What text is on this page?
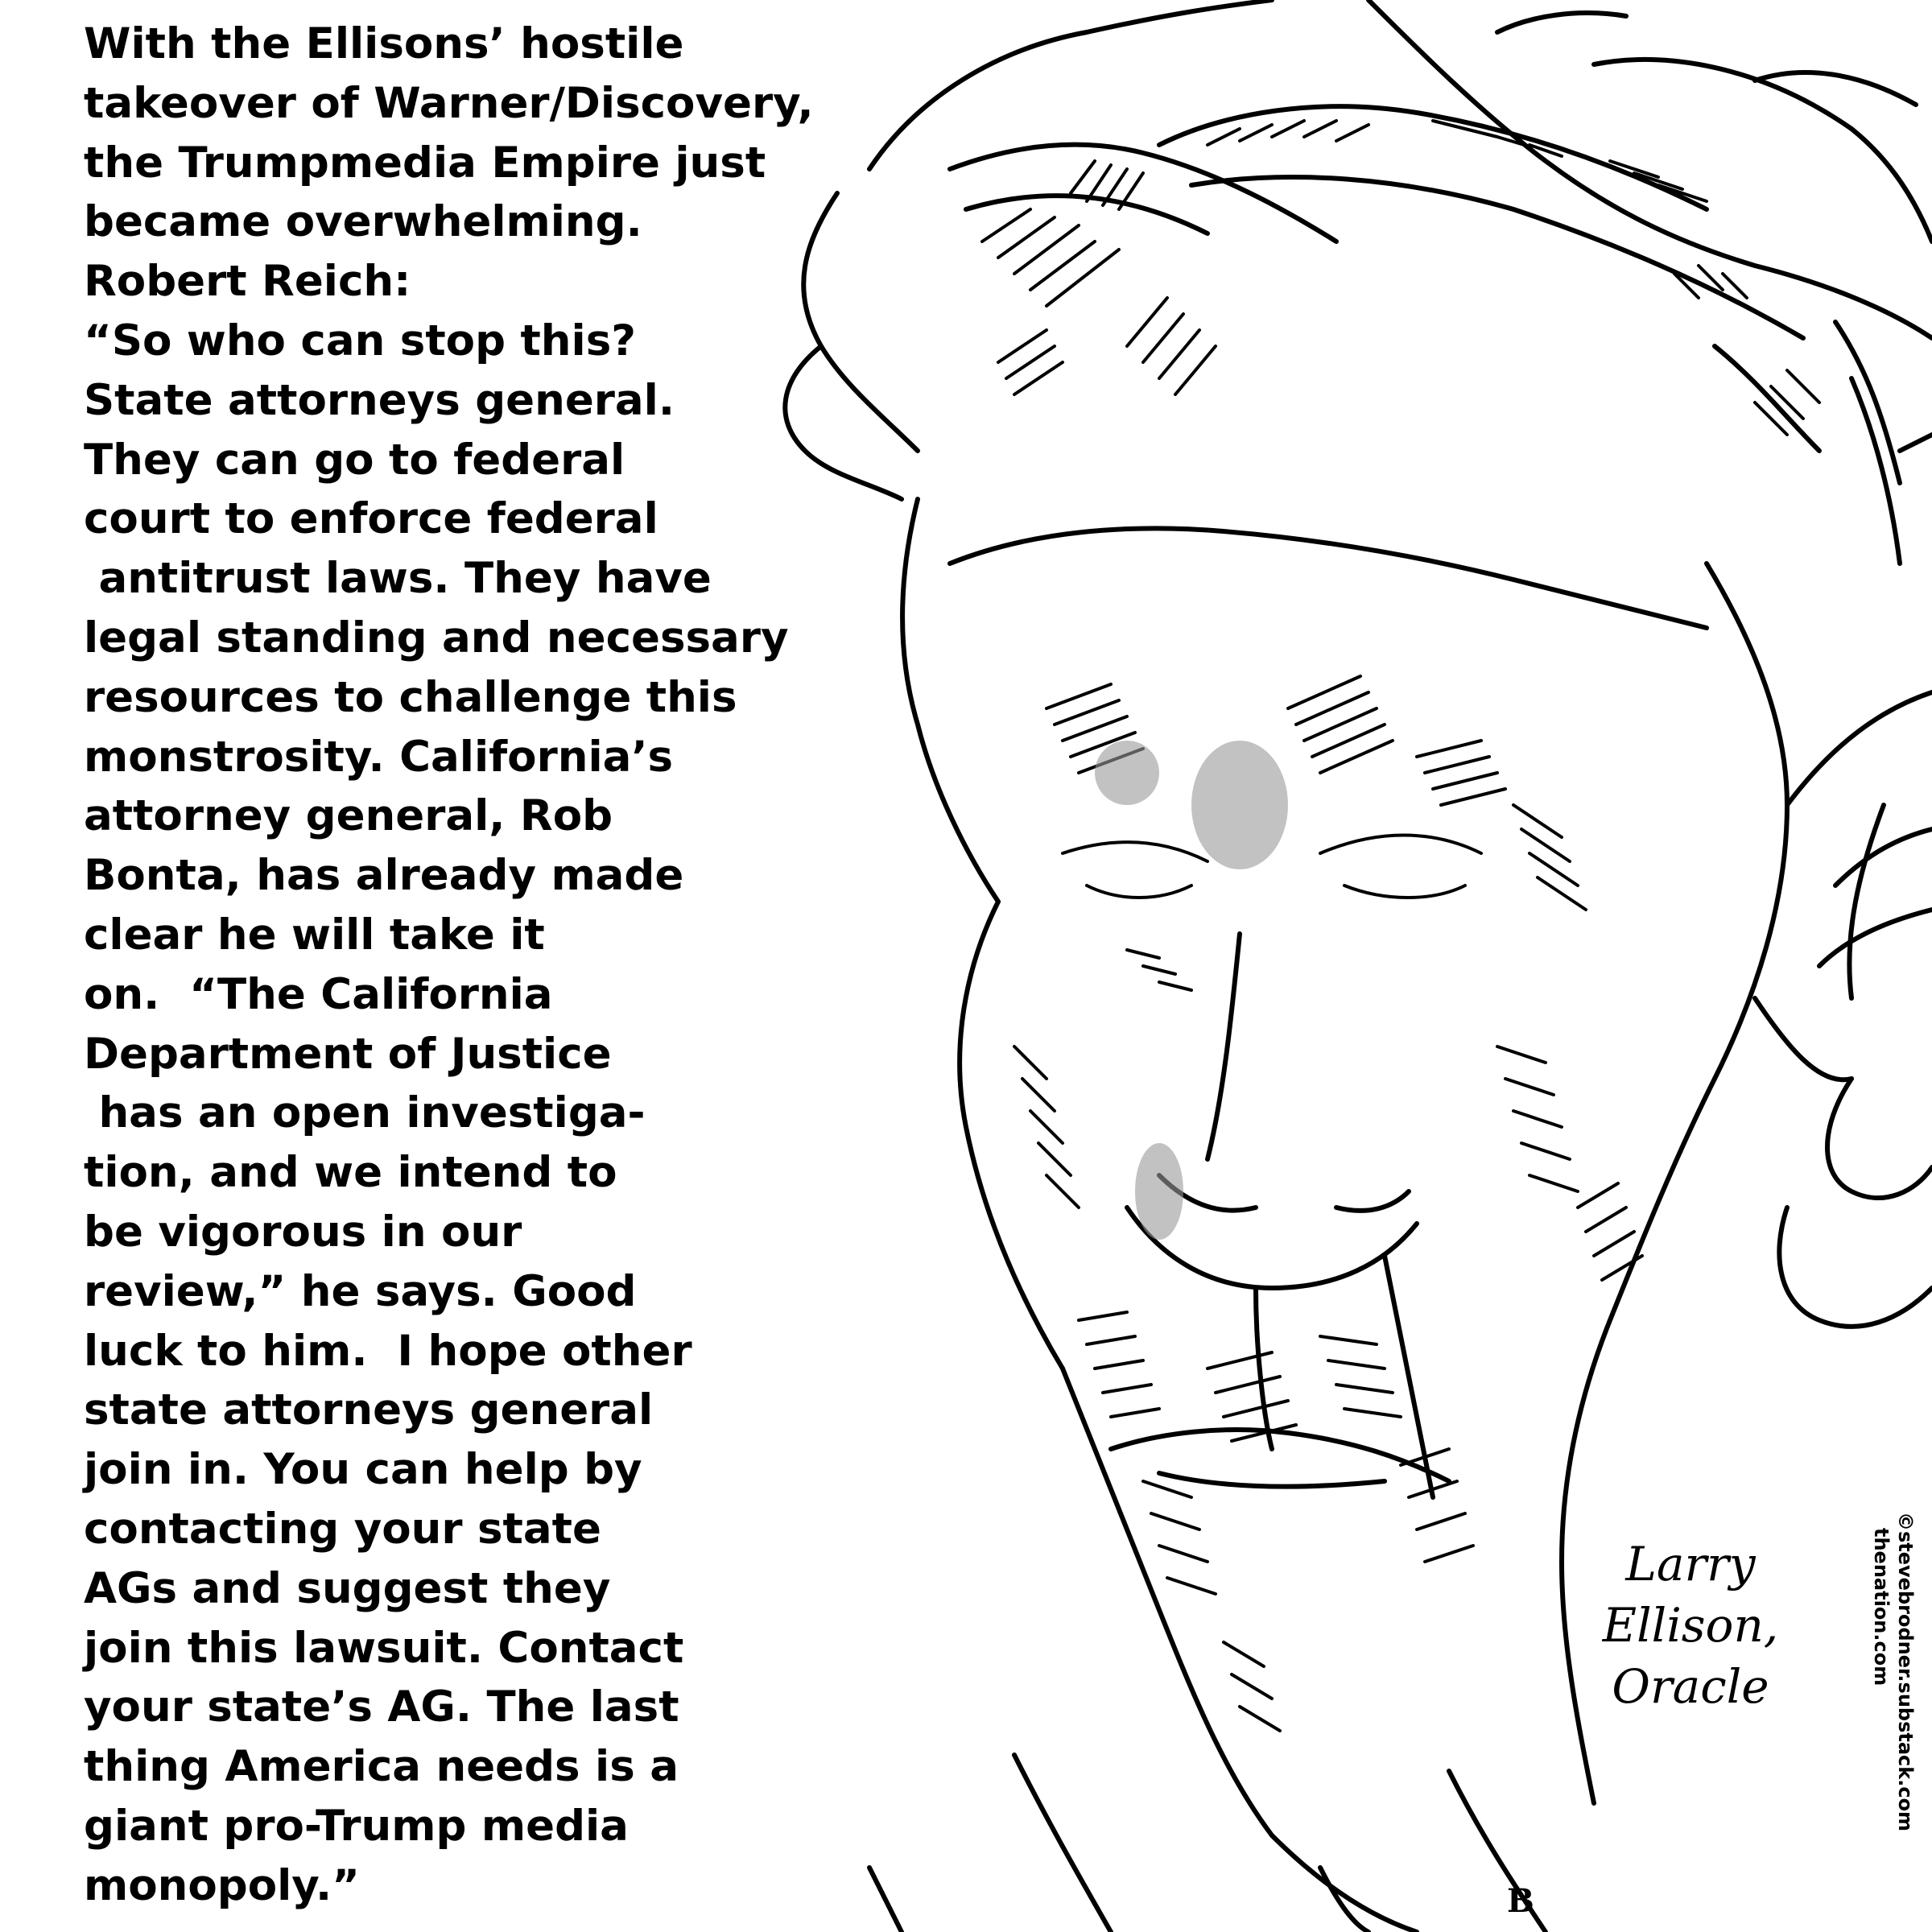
With the Ellisons’ hostile
takeover of Warner/Discovery,
the Trumpmedia Empire just
became overwhelming.
Robert Reich:
“So who can stop this?
State attorneys general.
They can go to federal
court to enforce federal
antitrust laws. They have
legal standing and necessary
resources to challenge this
monstrosity. California’s
attorney general, Rob
Bonta, has already made
clear he will take it
on.  “The California
Department of Justice
has an open investiga-
tion, and we intend to
be vigorous in our
review,” he says. Good
luck to him.  I hope other
state attorneys general
join in. You can help by
contacting your state
AGs and suggest they
join this lawsuit. Contact
your state’s AG. The last
thing America needs is a
giant pro-Trump media
monopoly.”
Larry
Ellison,
Oracle	©stevebrodner.substack.com
thenation.com
B
